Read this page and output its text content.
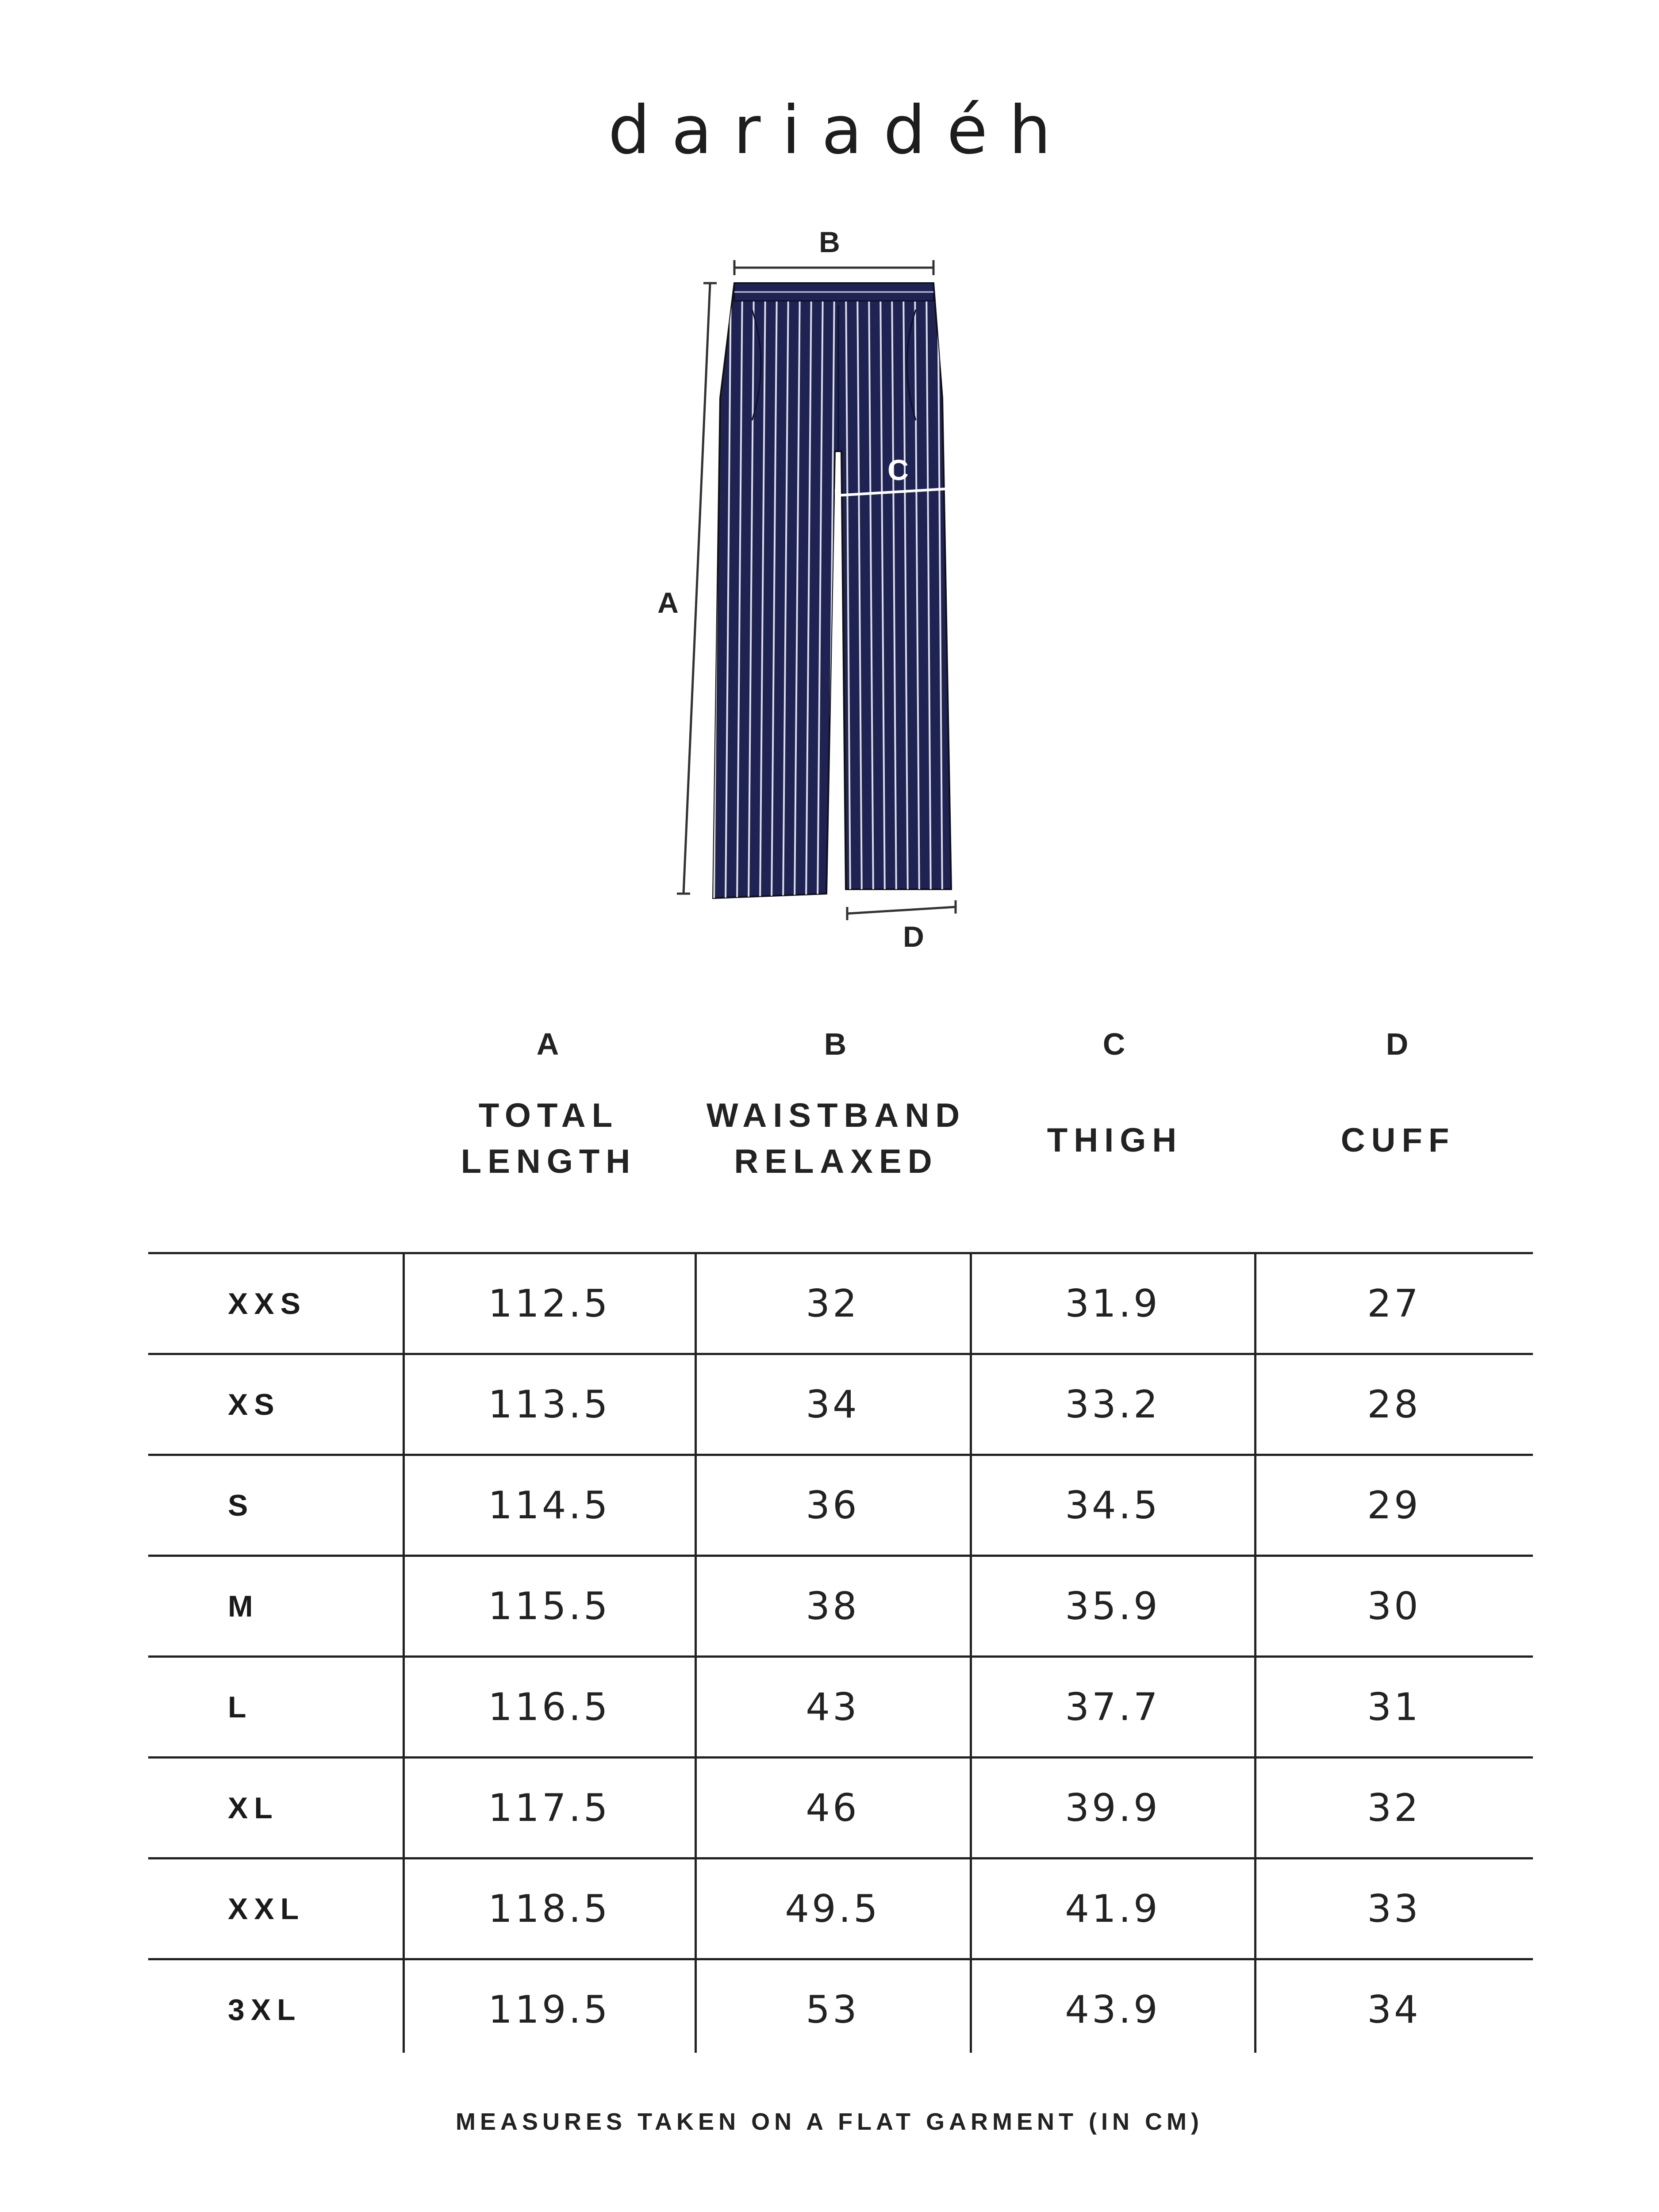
dariadéh
B
A
C
D
A
TOTAL
LENGTH
B
WAISTBAND
RELAXED
C
THIGH
D
CUFF
XXS	112.5	32	31.9	27
XS	113.5	34	33.2	28
S	114.5	36	34.5	29
M	115.5	38	35.9	30
L	116.5	43	37.7	31
XL	117.5	46	39.9	32
XXL	118.5	49.5	41.9	33
3XL	119.5	53	43.9	34
MEASURES TAKEN ON A FLAT GARMENT (IN CM)
